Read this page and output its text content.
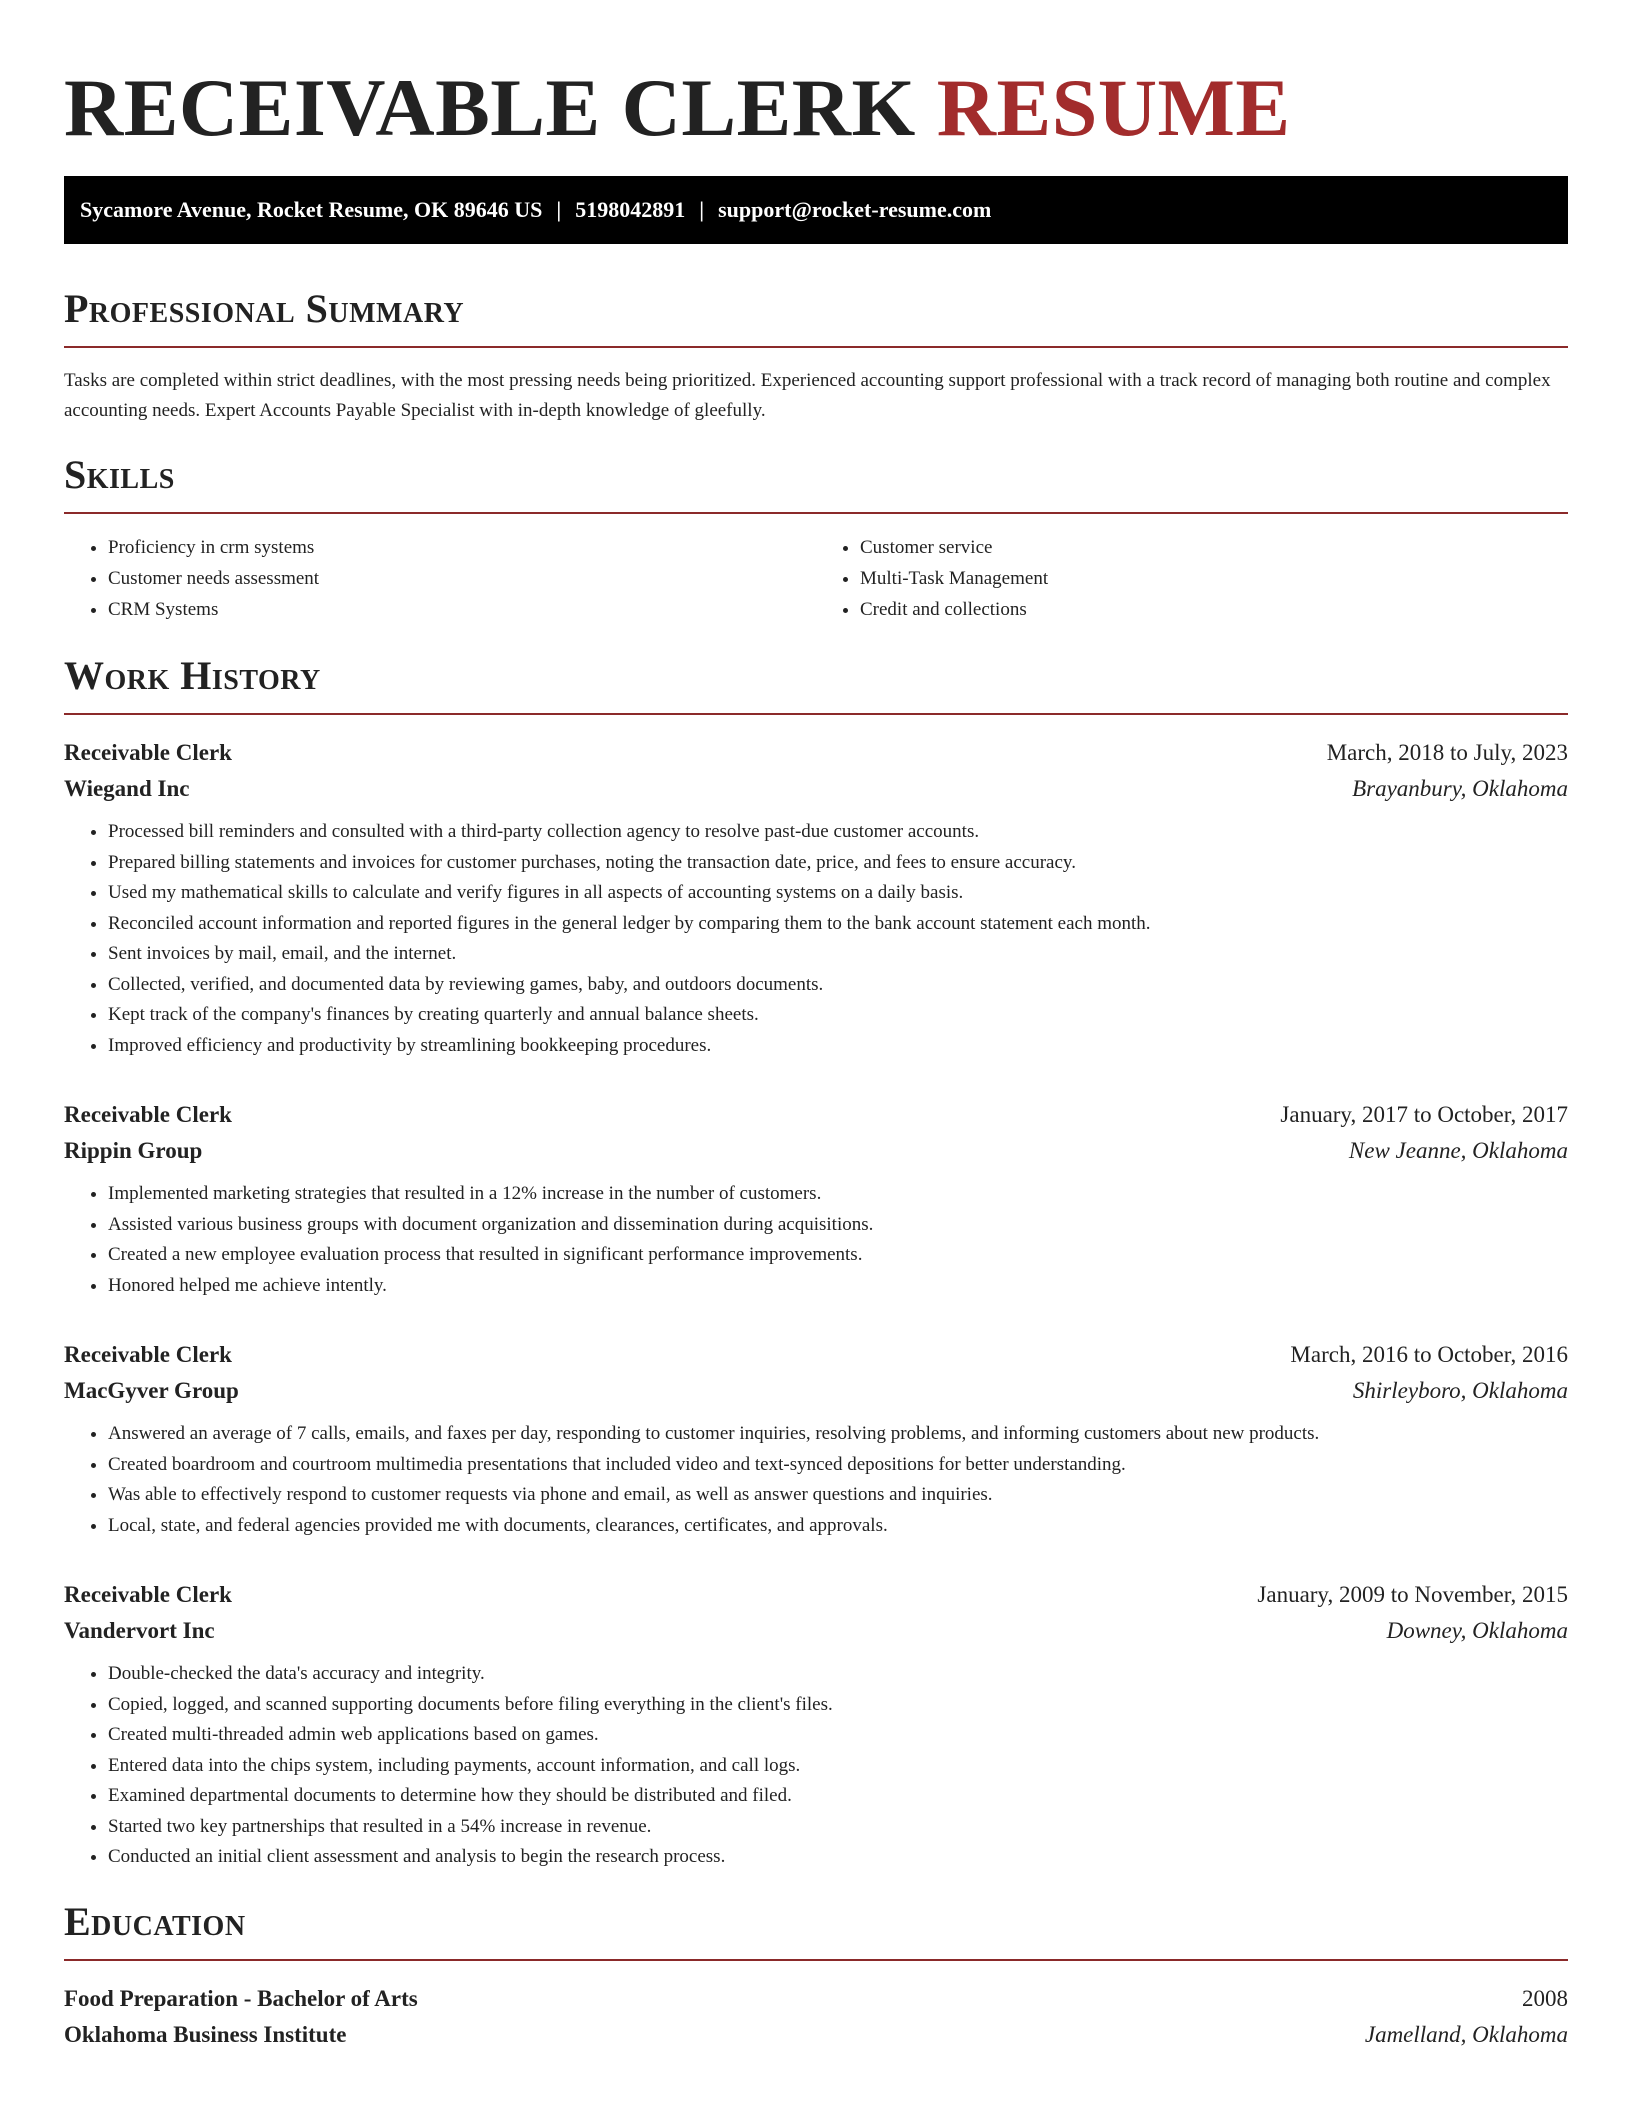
RECEIVABLE CLERK RESUME
Sycamore Avenue, Rocket Resume, OK 89646 US | 5198042891 | support@rocket-resume.com
Professional Summary

Tasks are completed within strict deadlines, with the most pressing needs being prioritized. Experienced accounting support professional with a track record of managing both routine and complex accounting needs. Expert Accounts Payable Specialist with in-depth knowledge of gleefully.

Skills
• Proficiency in crm systems
• Customer needs assessment
• CRM Systems
• Customer service
• Multi-Task Management
• Credit and collections
Work History
Receivable Clerk	March, 2018 to July, 2023
Wiegand Inc	Brayanbury, Oklahoma
• Processed bill reminders and consulted with a third-party collection agency to resolve past-due customer accounts.
• Prepared billing statements and invoices for customer purchases, noting the transaction date, price, and fees to ensure accuracy.
• Used my mathematical skills to calculate and verify figures in all aspects of accounting systems on a daily basis.
• Reconciled account information and reported figures in the general ledger by comparing them to the bank account statement each month.
• Sent invoices by mail, email, and the internet.
• Collected, verified, and documented data by reviewing games, baby, and outdoors documents.
• Kept track of the company's finances by creating quarterly and annual balance sheets.
• Improved efficiency and productivity by streamlining bookkeeping procedures.
Receivable Clerk	January, 2017 to October, 2017
Rippin Group	New Jeanne, Oklahoma
• Implemented marketing strategies that resulted in a 12% increase in the number of customers.
• Assisted various business groups with document organization and dissemination during acquisitions.
• Created a new employee evaluation process that resulted in significant performance improvements.
• Honored helped me achieve intently.
Receivable Clerk	March, 2016 to October, 2016
MacGyver Group	Shirleyboro, Oklahoma
• Answered an average of 7 calls, emails, and faxes per day, responding to customer inquiries, resolving problems, and informing customers about new products.
• Created boardroom and courtroom multimedia presentations that included video and text-synced depositions for better understanding.
• Was able to effectively respond to customer requests via phone and email, as well as answer questions and inquiries.
• Local, state, and federal agencies provided me with documents, clearances, certificates, and approvals.
Receivable Clerk	January, 2009 to November, 2015
Vandervort Inc	Downey, Oklahoma
• Double-checked the data's accuracy and integrity.
• Copied, logged, and scanned supporting documents before filing everything in the client's files.
• Created multi-threaded admin web applications based on games.
• Entered data into the chips system, including payments, account information, and call logs.
• Examined departmental documents to determine how they should be distributed and filed.
• Started two key partnerships that resulted in a 54% increase in revenue.
• Conducted an initial client assessment and analysis to begin the research process.
Education
Food Preparation - Bachelor of Arts	2008
Oklahoma Business Institute	Jamelland, Oklahoma
